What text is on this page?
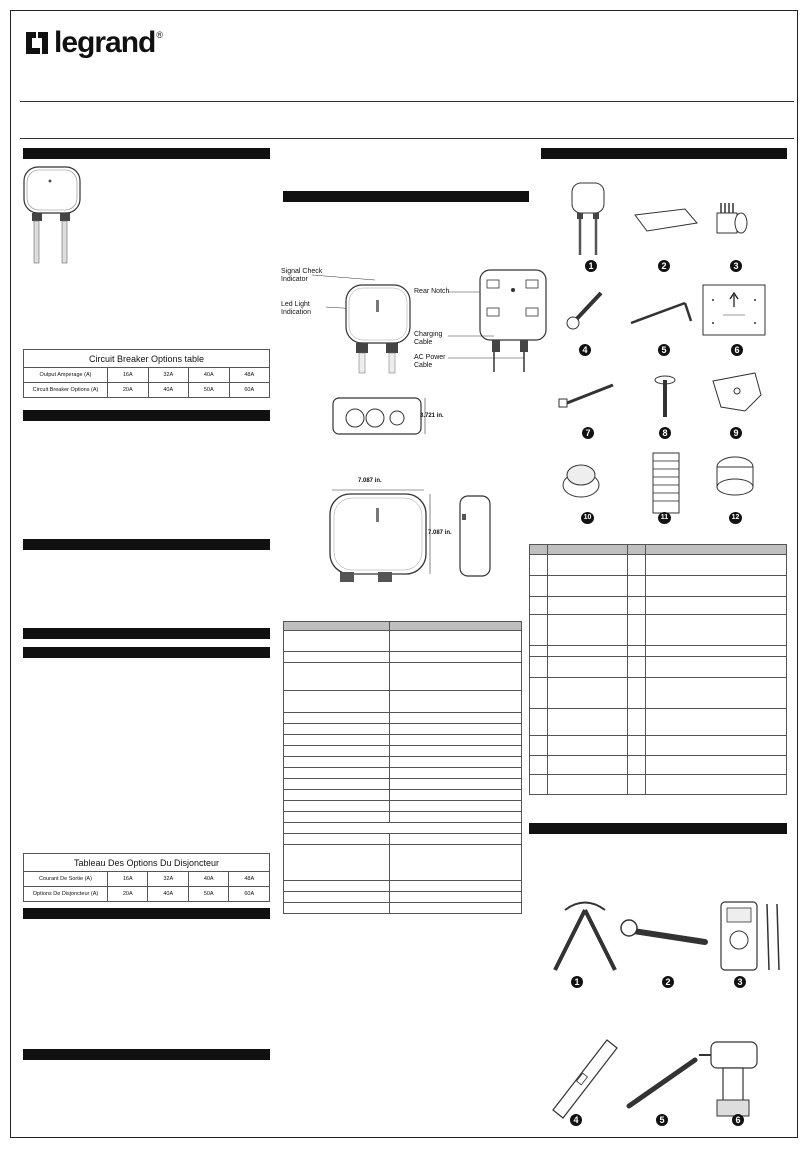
legrand ®
Circuit Breaker Options table				
Output Amperage (A)	16A	32A	40A	48A
Circuit Breaker Options (A)	20A	40A	50A	60A
Tableau Des Options Du Disjoncteur				
Courant De Sortie (A)	16A	32A	40A	48A
Options De Disjoncteur (A)	20A	40A	50A	60A
Signal Check Indicator
Led Light Indication
Rear Notch
Charging Cable
AC Power Cable
3.721 in.
7.087 in.
7.087 in.

1	2	3
4	5	6
7	8	9
10	11	12

1	2	3
4	5	6
